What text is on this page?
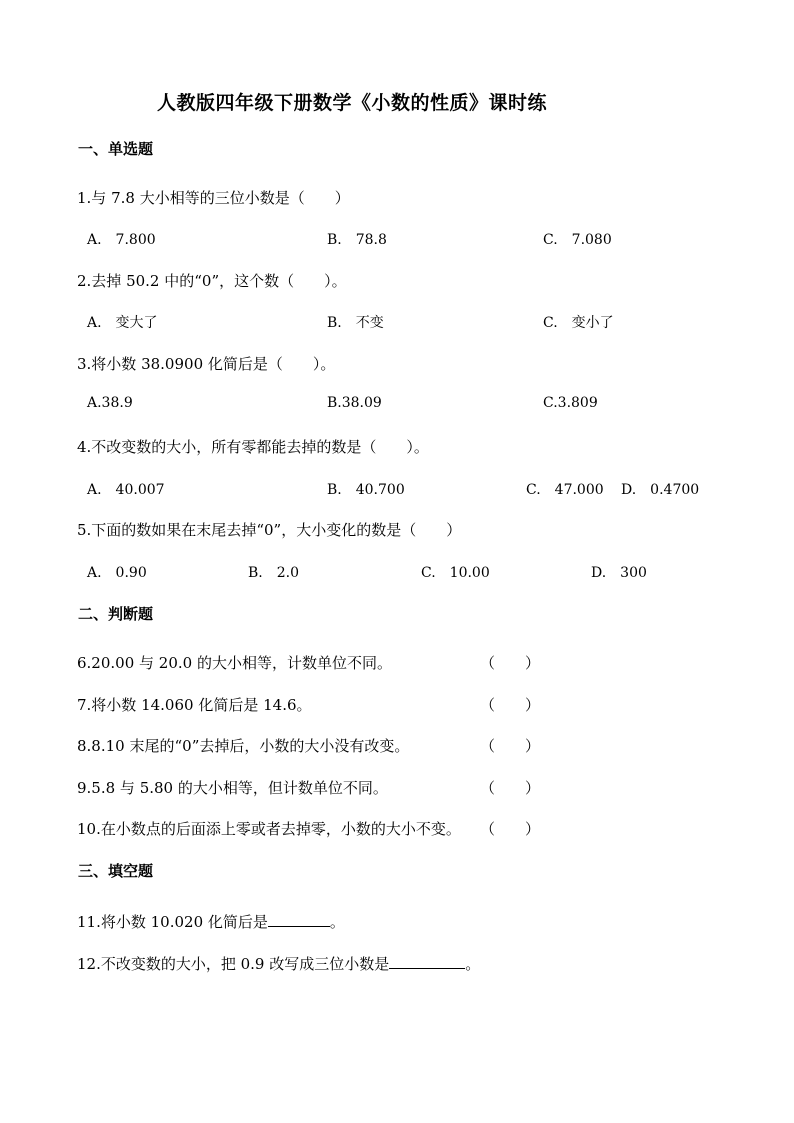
人教版四年级下册数学《小数的性质》课时练
一、单选题
1.与 7.8 大小相等的三位小数是（　　）
A.　7.800	B.　78.8	C.　7.080
2.去掉 50.2 中的“0”，这个数（　　）。
A.　变大了	B.　不变	C.　变小了
3.将小数 38.0900 化简后是（　　）。
A.38.9	B.38.09	C.3.809
4.不改变数的大小，所有零都能去掉的数是（　　）。
A.　40.007	B.　40.700	C.　47.000 D.　0.4700
5.下面的数如果在末尾去掉“0”，大小变化的数是（　　）
A.　0.90	B.　2.0	C.　10.00	D.　300
二、判断题
6.20.00 与 20.0 的大小相等，计数单位不同。	（　　）
7.将小数 14.060 化简后是 14.6。	（　　）
8.8.10 末尾的“0”去掉后，小数的大小没有改变。	（　　）
9.5.8 与 5.80 的大小相等，但计数单位不同。	（　　）
10.在小数点的后面添上零或者去掉零，小数的大小不变。 （　　）
三、填空题
11.将小数 10.020 化简后是	。
12.不改变数的大小，把 0.9 改写成三位小数是	。
